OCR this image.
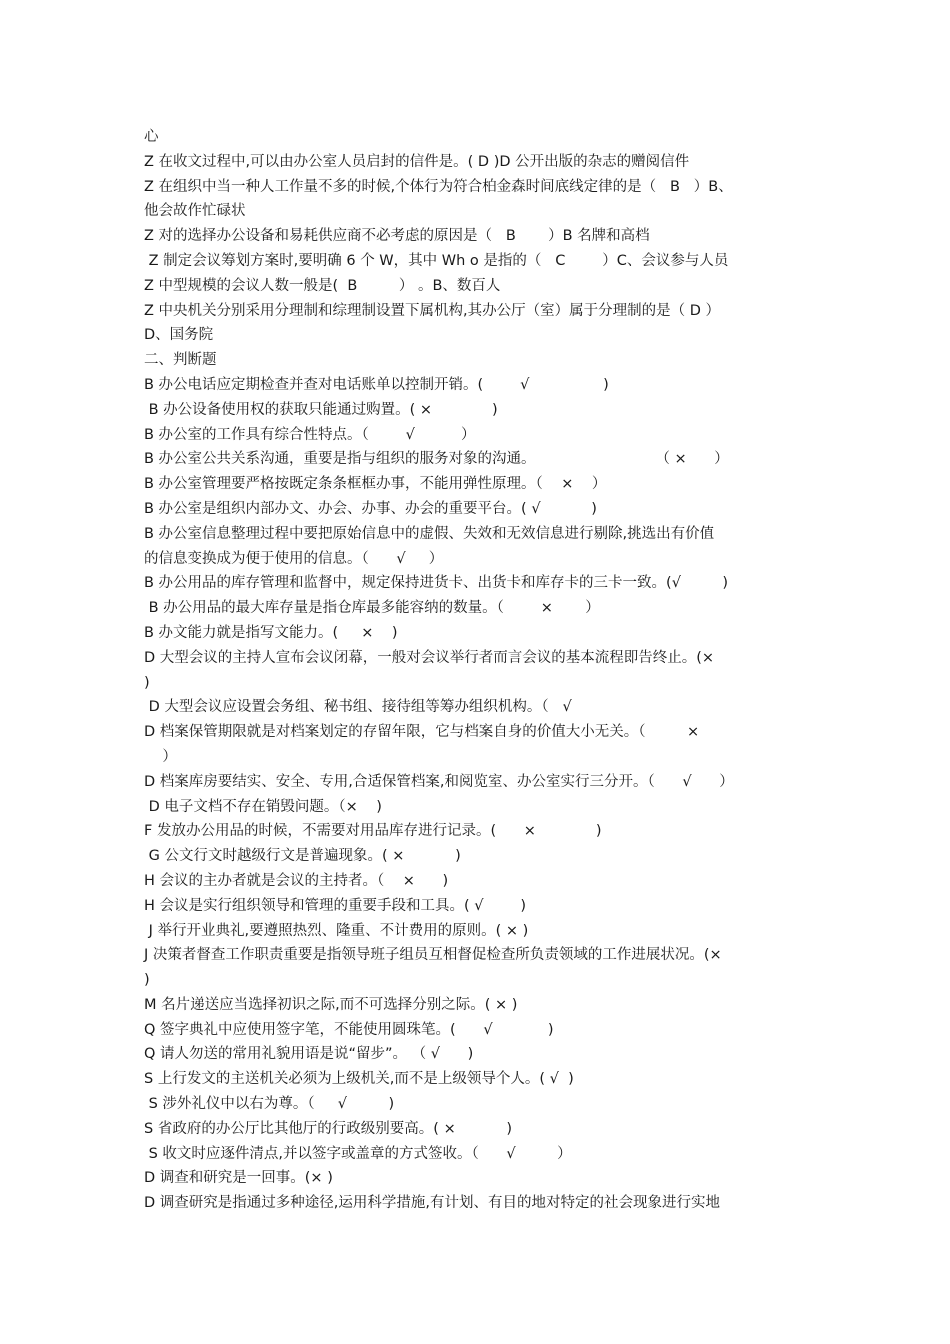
心
Z 在收文过程中,可以由办公室人员启封的信件是。( D )D 公开出版的杂志的赠阅信件
Z 在组织中当一种人工作量不多的时候,个体行为符合柏金森时间底线定律的是（   B   ）B、
他会故作忙碌状
Z 对的选择办公设备和易耗供应商不必考虑的原因是（   B       ）B 名牌和高档
Z 制定会议筹划方案时,要明确 6 个 W，其中 Wh o 是指的（   C        ）C、会议参与人员
Z 中型规模的会议人数一般是(  B         ） 。B、数百人
Z 中央机关分别采用分理制和综理制设置下属机构,其办公厅（室）属于分理制的是（ D ）
D、国务院
二、判断题
B 办公电话应定期检查并查对电话账单以控制开销。(        √                )
B 办公设备使用权的获取只能通过购置。( ×             )
B 办公室的工作具有综合性特点。（        √          ）
B 办公室公共关系沟通，重要是指与组织的服务对象的沟通。                          （ ×      ）
B 办公室管理要严格按既定条条框框办事，不能用弹性原理。（    ×    ）
B 办公室是组织内部办文、办会、办事、办会的重要平台。( √           )
B 办公室信息整理过程中要把原始信息中的虚假、失效和无效信息进行剔除,挑选出有价值
的信息变换成为便于使用的信息。（      √     ）
B 办公用品的库存管理和监督中，规定保持进货卡、出货卡和库存卡的三卡一致。(√         )
B 办公用品的最大库存量是指仓库最多能容纳的数量。（        ×       ）
B 办文能力就是指写文能力。(     ×    )
D 大型会议的主持人宣布会议闭幕，一般对会议举行者而言会议的基本流程即告终止。(×
)
D 大型会议应设置会务组、秘书组、接待组等筹办组织机构。（   √
D 档案保管期限就是对档案划定的存留年限，它与档案自身的价值大小无关。（         ×
）
D 档案库房要结实、安全、专用,合适保管档案,和阅览室、办公室实行三分开。（      √      ）
D 电子文档不存在销毁问题。（×    )
F 发放办公用品的时候，不需要对用品库存进行记录。(      ×             )
G 公文行文时越级行文是普遍现象。( ×           )
H 会议的主办者就是会议的主持者。（    ×      )
H 会议是实行组织领导和管理的重要手段和工具。( √        )
J 举行开业典礼,要遵照热烈、隆重、不计费用的原则。( × )
J 决策者督查工作职责重要是指领导班子组员互相督促检查所负责领域的工作进展状况。(×
)
M 名片递送应当选择初识之际,而不可选择分别之际。( × )
Q 签字典礼中应使用签字笔，不能使用圆珠笔。(      √            )
Q 请人勿送的常用礼貌用语是说“留步”。 （ √      )
S 上行发文的主送机关必须为上级机关,而不是上级领导个人。( √  )
S 涉外礼仪中以右为尊。（     √         )
S 省政府的办公厅比其他厅的行政级别要高。( ×           )
S 收文时应逐件清点,并以签字或盖章的方式签收。（      √         ）
D 调查和研究是一回事。(× )
D 调查研究是指通过多种途径,运用科学措施,有计划、有目的地对特定的社会现象进行实地
